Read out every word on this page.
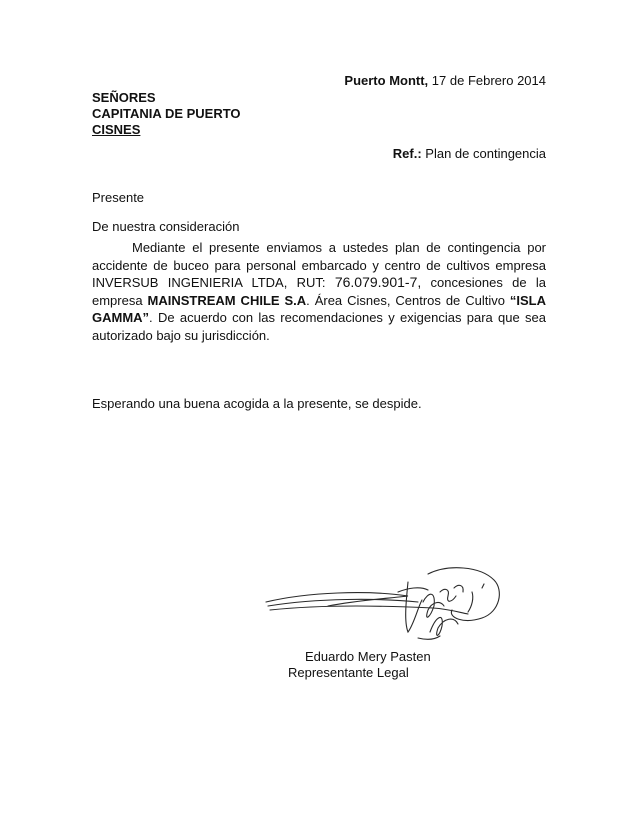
Puerto Montt, 17 de Febrero 2014
SEÑORES
CAPITANIA DE PUERTO
CISNES
Ref.: Plan de contingencia
Presente
De nuestra consideración
Mediante el presente enviamos a ustedes plan de contingencia por accidente de buceo para personal embarcado y centro de cultivos empresa INVERSUB INGENIERIA LTDA, RUT: 76.079.901-7, concesiones de la empresa MAINSTREAM CHILE S.A. Área Cisnes, Centros de Cultivo “ISLA GAMMA”. De acuerdo con las recomendaciones y exigencias para que sea autorizado bajo su jurisdicción.
Esperando una buena acogida a la presente, se despide.
Eduardo Mery Pasten
Representante Legal
